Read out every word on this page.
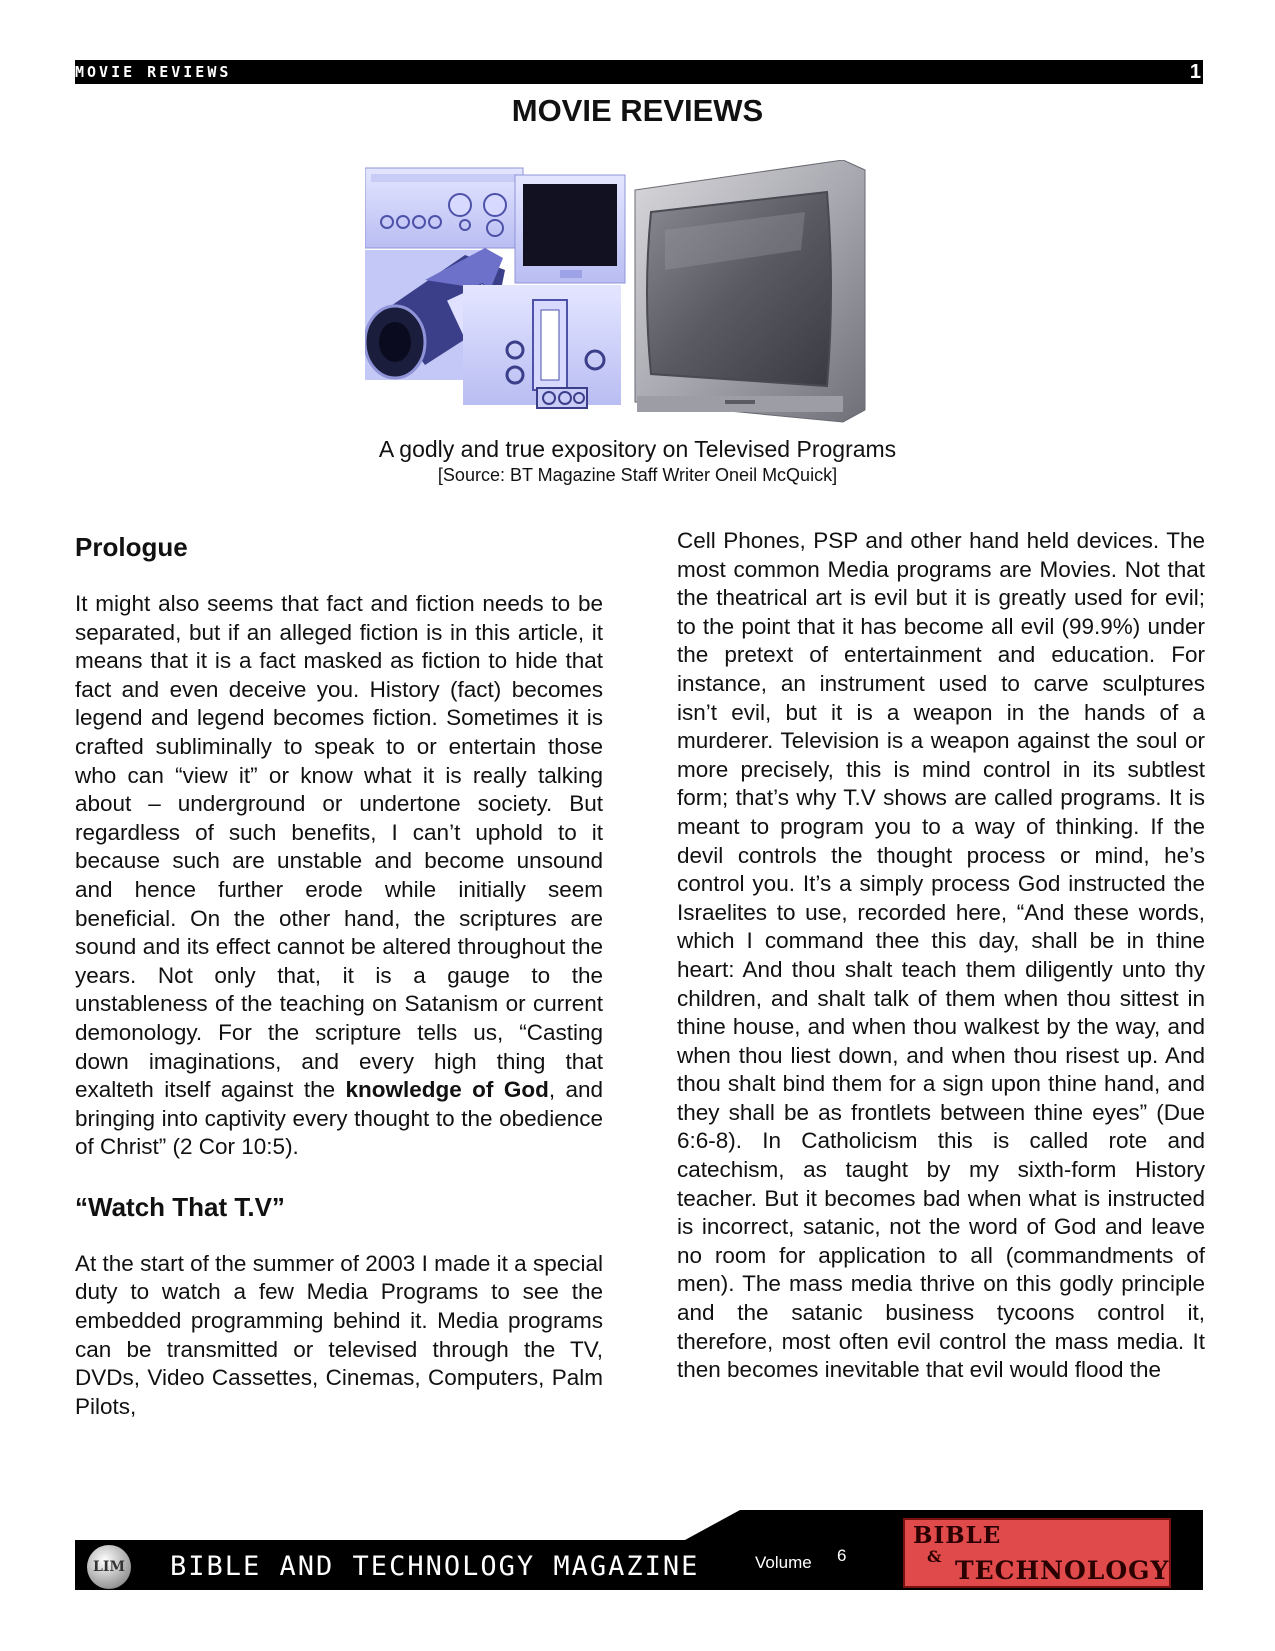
MOVIE REVIEWS	1
MOVIE REVIEWS
A godly and true expository on Televised Programs
[Source: BT Magazine Staff Writer Oneil McQuick]
Prologue

It might also seems that fact and fiction needs to be separated, but if an alleged fiction is in this article, it means that it is a fact masked as fiction to hide that fact and even deceive you. History (fact) becomes legend and legend becomes fiction. Sometimes it is crafted subliminally to speak to or entertain those who can “view it” or know what it is really talking about – underground or undertone society. But regardless of such benefits, I can’t uphold to it because such are unstable and become unsound and hence further erode while initially seem beneficial. On the other hand, the scriptures are sound and its effect cannot be altered throughout the years. Not only that, it is a gauge to the unstableness of the teaching on Satanism or current demonology. For the scripture tells us, “Casting down imaginations, and every high thing that exalteth itself against the knowledge of God, and bringing into captivity every thought to the obedience of Christ” (2 Cor 10:5).

“Watch That T.V”

At the start of the summer of 2003 I made it a special duty to watch a few Media Programs to see the embedded programming behind it. Media programs can be transmitted or televised through the TV, DVDs, Video Cassettes, Cinemas, Computers, Palm Pilots,

Cell Phones, PSP and other hand held devices. The most common Media programs are Movies. Not that the theatrical art is evil but it is greatly used for evil; to the point that it has become all evil (99.9%) under the pretext of entertainment and education. For instance, an instrument used to carve sculptures isn’t evil, but it is a weapon in the hands of a murderer. Television is a weapon against the soul or more precisely, this is mind control in its subtlest form; that’s why T.V shows are called programs. It is meant to program you to a way of thinking. If the devil controls the thought process or mind, he’s control you. It’s a simply process God instructed the Israelites to use, recorded here, “And these words, which I command thee this day, shall be in thine heart: And thou shalt teach them diligently unto thy children, and shalt talk of them when thou sittest in thine house, and when thou walkest by the way, and when thou liest down, and when thou risest up. And thou shalt bind them for a sign upon thine hand, and they shall be as frontlets between thine eyes” (Due 6:6-8). In Catholicism this is called rote and catechism, as taught by my sixth-form History teacher. But it becomes bad when what is instructed is incorrect, satanic, not the word of God and leave no room for application to all (commandments of men). The mass media thrive on this godly principle and the satanic business tycoons control it, therefore, most often evil control the mass media. It then becomes inevitable that evil would flood the

LIM BIBLE AND TECHNOLOGY MAGAZINE	Volume 6
BIBLE
& TECHNOLOGY
